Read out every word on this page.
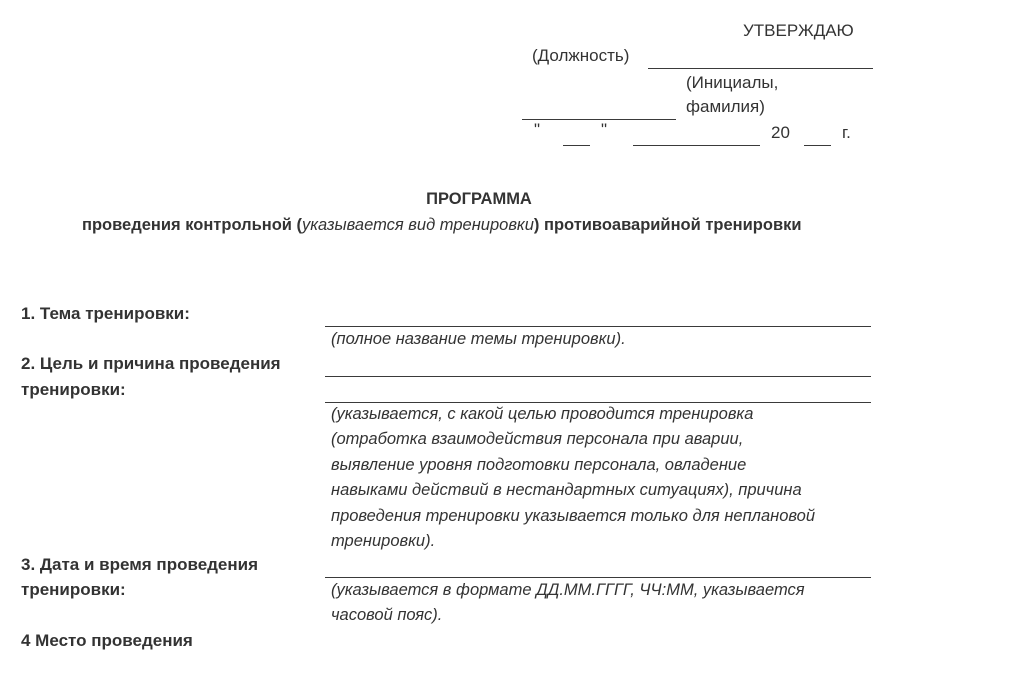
УТВЕРЖДАЮ
(Должность)
(Инициалы,
фамилия)
"	"	20	г.
ПРОГРАММА
проведения контрольной (указывается вид тренировки) противоаварийной тренировки
1. Тема тренировки:
(полное название темы тренировки).
2. Цель и причина проведения
тренировки:
(указывается, с какой целью проводится тренировка
(отработка взаимодействия персонала при аварии,
выявление уровня подготовки персонала, овладение
навыками действий в нестандартных ситуациях), причина
проведения тренировки указывается только для неплановой
тренировки).
3. Дата и время проведения
тренировки:	(указывается в формате ДД.ММ.ГГГГ, ЧЧ:ММ, указывается
часовой пояс).
4 Место проведения
